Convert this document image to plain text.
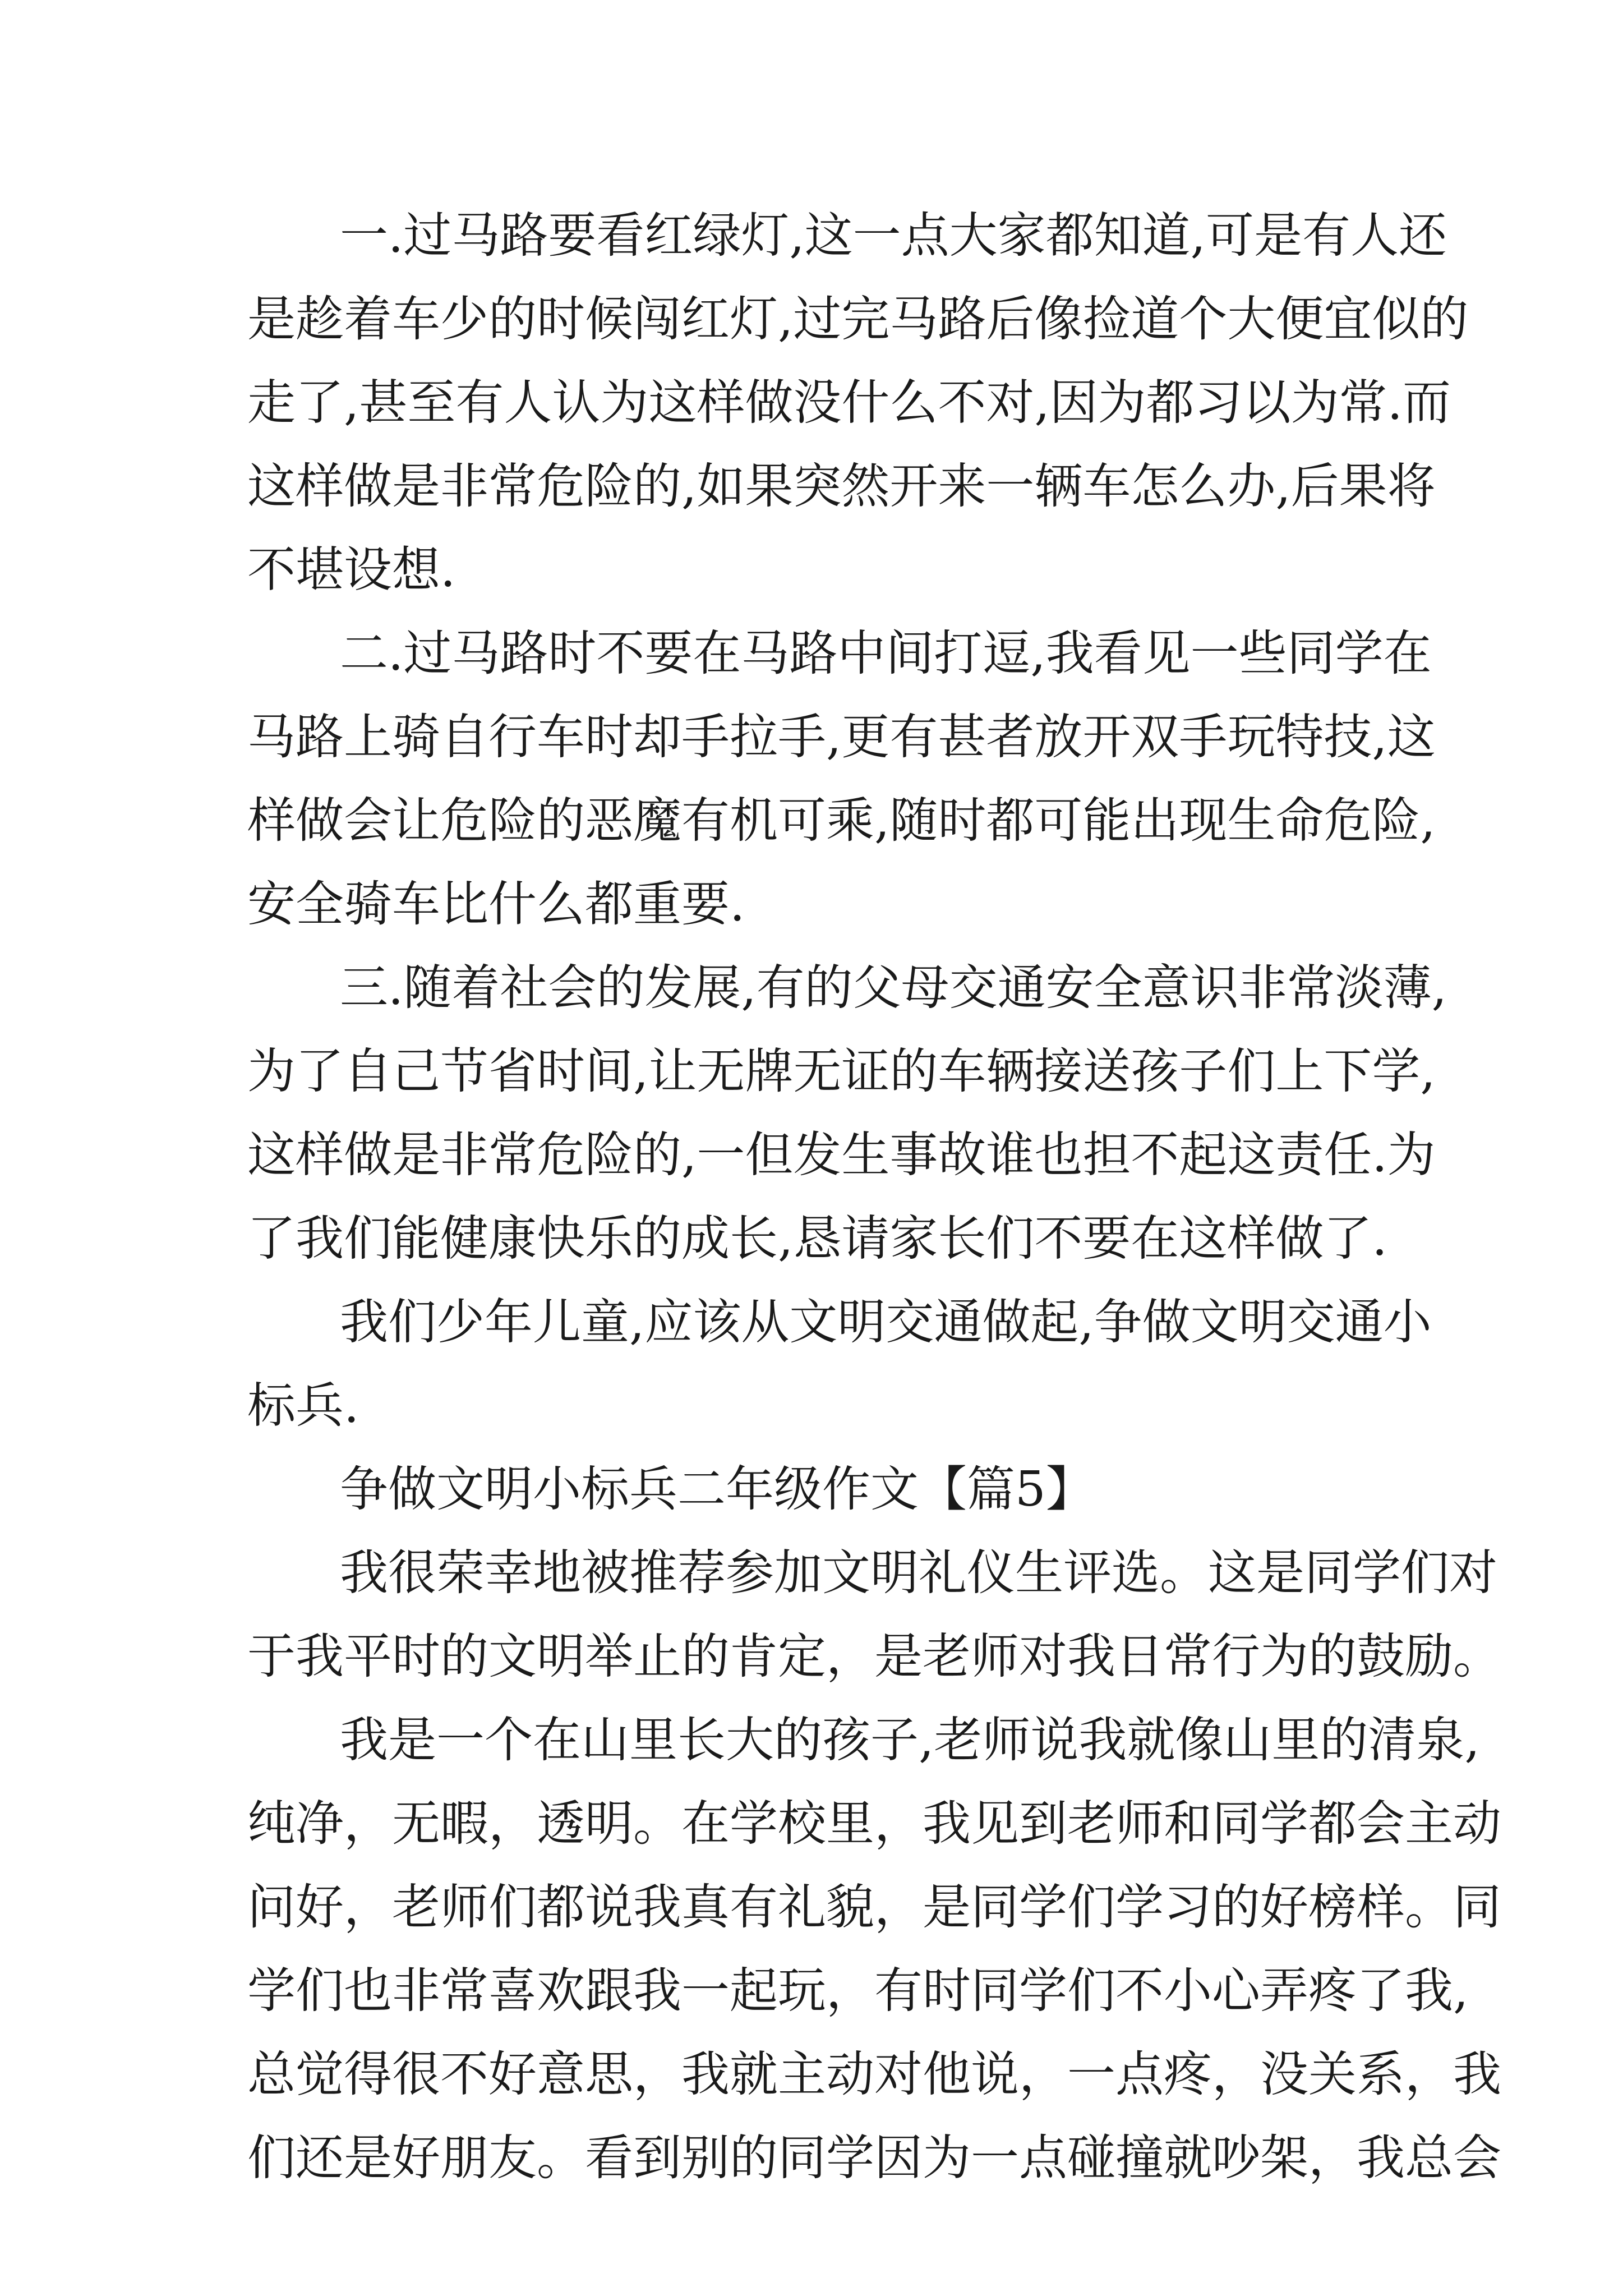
一.过马路要看红绿灯,这一点大家都知道,可是有人还

是趁着车少的时候闯红灯,过完马路后像捡道个大便宜似的

走了,甚至有人认为这样做没什么不对,因为都习以为常.而

这样做是非常危险的,如果突然开来一辆车怎么办,后果将

不堪设想.

二.过马路时不要在马路中间打逗,我看见一些同学在

马路上骑自行车时却手拉手,更有甚者放开双手玩特技,这

样做会让危险的恶魔有机可乘,随时都可能出现生命危险,

安全骑车比什么都重要.

三.随着社会的发展,有的父母交通安全意识非常淡薄,

为了自己节省时间,让无牌无证的车辆接送孩子们上下学,

这样做是非常危险的,一但发生事故谁也担不起这责任.为

了我们能健康快乐的成长,恳请家长们不要在这样做了.

我们少年儿童,应该从文明交通做起,争做文明交通小

标兵.

争做文明小标兵二年级作文【篇5】

我很荣幸地被推荐参加文明礼仪生评选。这是同学们对

于我平时的文明举止的肯定，是老师对我日常行为的鼓励。

我是一个在山里长大的孩子,老师说我就像山里的清泉,

纯净，无暇，透明。在学校里，我见到老师和同学都会主动

问好，老师们都说我真有礼貌，是同学们学习的好榜样。同

学们也非常喜欢跟我一起玩，有时同学们不小心弄疼了我,

总觉得很不好意思，我就主动对他说，一点疼，没关系，我

们还是好朋友。看到别的同学因为一点碰撞就吵架，我总会
